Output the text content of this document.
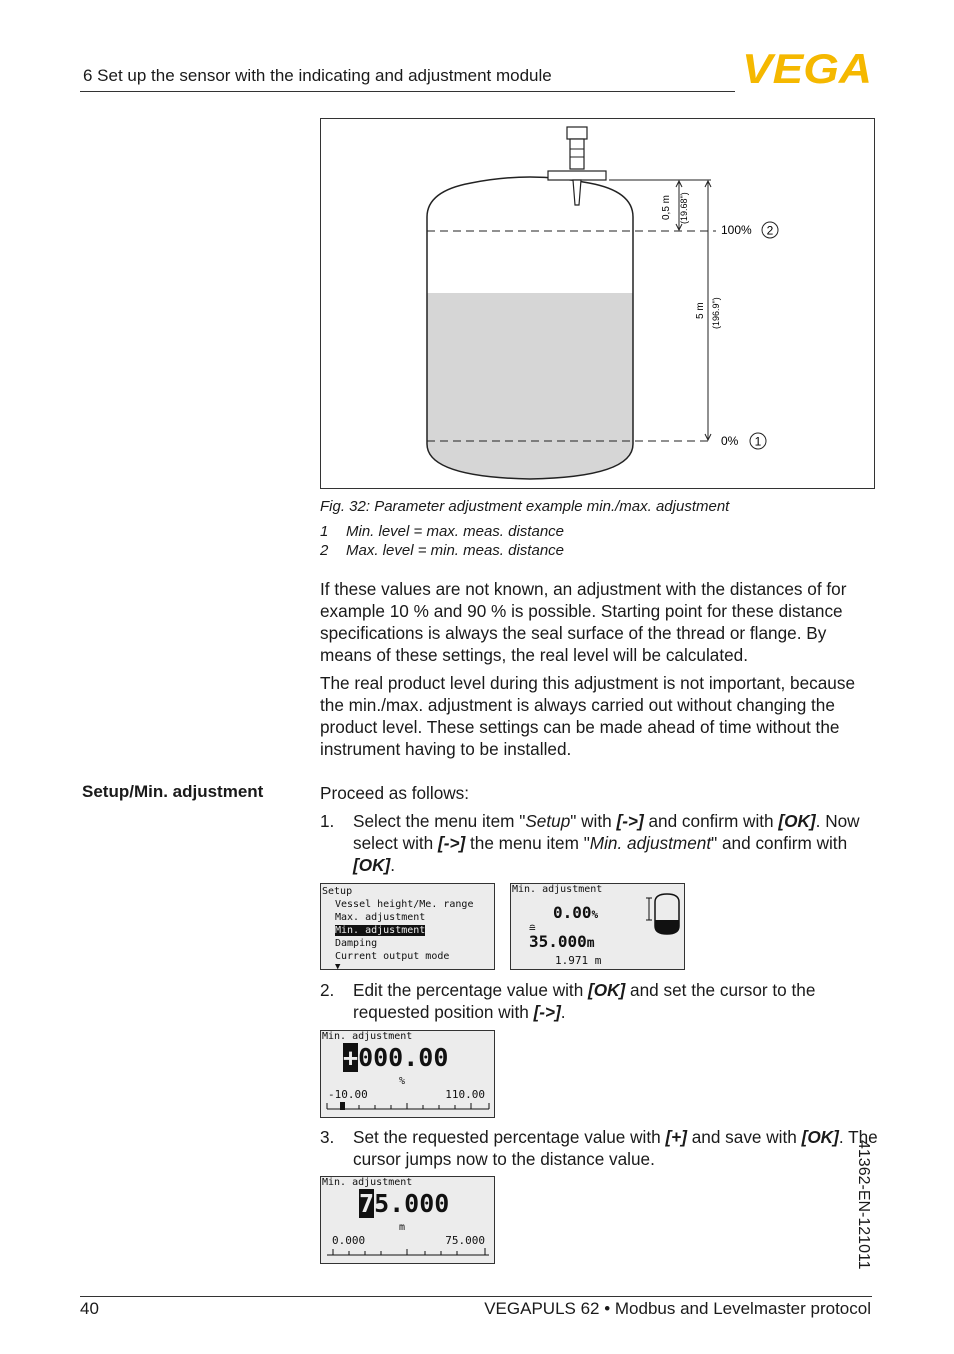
6 Set up the sensor with the indicating and adjustment module	VEGA
0,5 m (19.68")
5 m (196.9")
100% 2
0% 1
Fig. 32: Parameter adjustment example min./max. adjustment
1 Min. level = max. meas. distance
2 Max. level = min. meas. distance
If these values are not known, an adjustment with the distances of for example 10 % and 90 % is possible. Starting point for these distance specifications is always the seal surface of the thread or flange. By means of these settings, the real level will be calculated.
The real product level during this adjustment is not important, because the min./max. adjustment is always carried out without changing the product level. These settings can be made ahead of time without the instrument having to be installed.
Setup/Min. adjustment	Proceed as follows:
1. Select the menu item "Setup" with [->] and confirm with [OK]. Now select with [->] the menu item "Min. adjustment" and confirm with [OK].
Setup
Vessel height/Me. range
Max. adjustment
Min. adjustment
Damping
Current output mode
▼
Min. adjustment
0.00%
≘
35.000m
1.971 m
2. Edit the percentage value with [OK] and set the cursor to the requested position with [->].
Min. adjustment
+000.00
%
-10.00	110.00
3. Set the requested percentage value with [+] and save with [OK]. The cursor jumps now to the distance value.
Min. adjustment
75.000
m
0.000	75.000
40	VEGAPULS 62 • Modbus and Levelmaster protocol
41362-EN-121011
